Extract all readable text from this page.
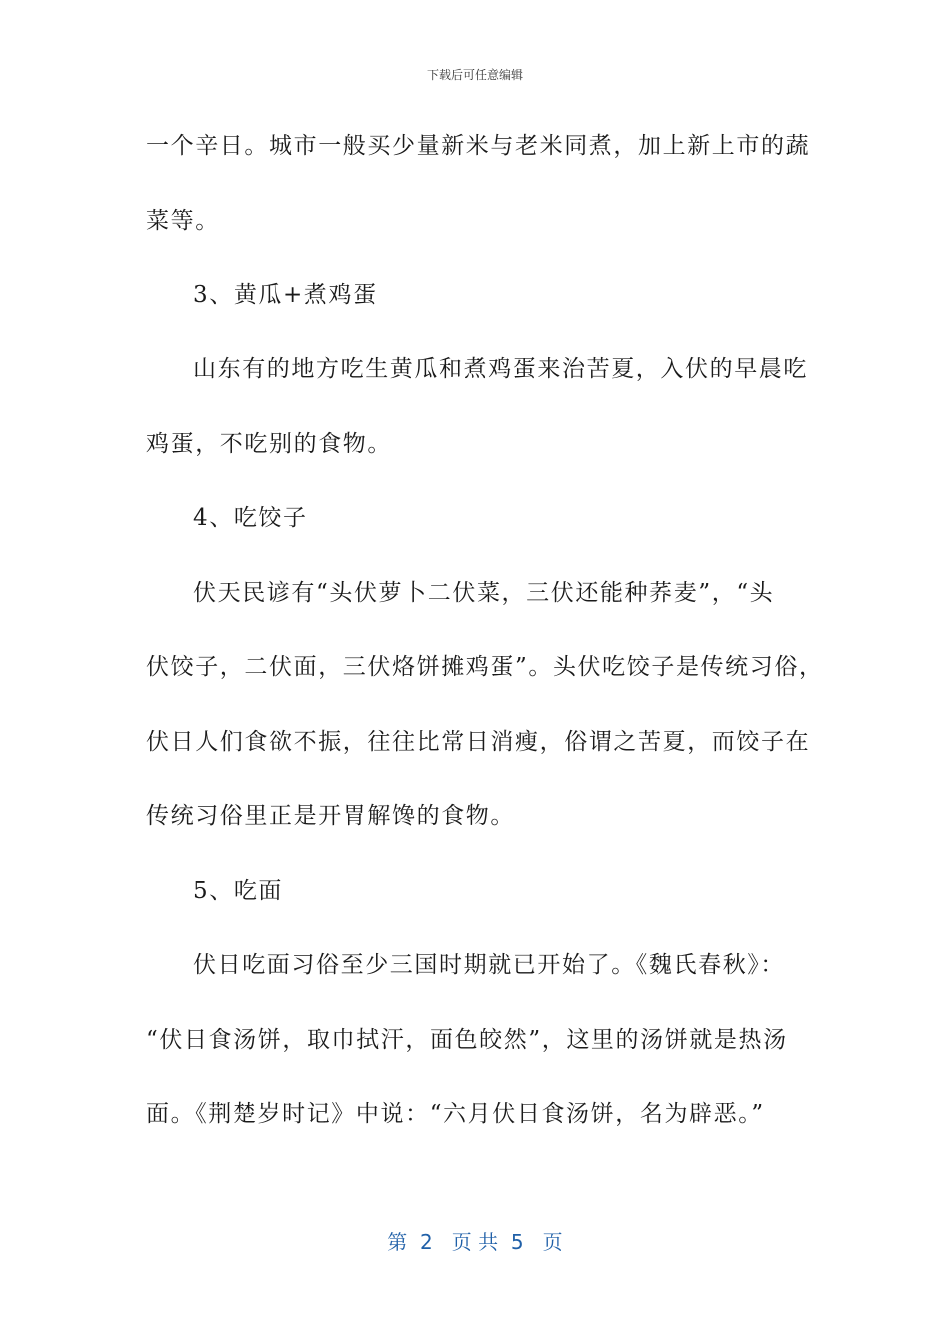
下载后可任意编辑
一个辛日。城市一般买少量新米与老米同煮，加上新上市的蔬
菜等。
3、黄瓜+煮鸡蛋
山东有的地方吃生黄瓜和煮鸡蛋来治苦夏，入伏的早晨吃
鸡蛋，不吃别的食物。
4、吃饺子
伏天民谚有“头伏萝卜二伏菜，三伏还能种荞麦”，“头
伏饺子，二伏面，三伏烙饼摊鸡蛋”。头伏吃饺子是传统习俗，
伏日人们食欲不振，往往比常日消瘦，俗谓之苦夏，而饺子在
传统习俗里正是开胃解馋的食物。
5、吃面
伏日吃面习俗至少三国时期就已开始了。《魏氏春秋》：
“伏日食汤饼，取巾拭汗，面色皎然”，这里的汤饼就是热汤
面。《荆楚岁时记》中说：“六月伏日食汤饼，名为辟恶。”
第  2   页 共  5   页
